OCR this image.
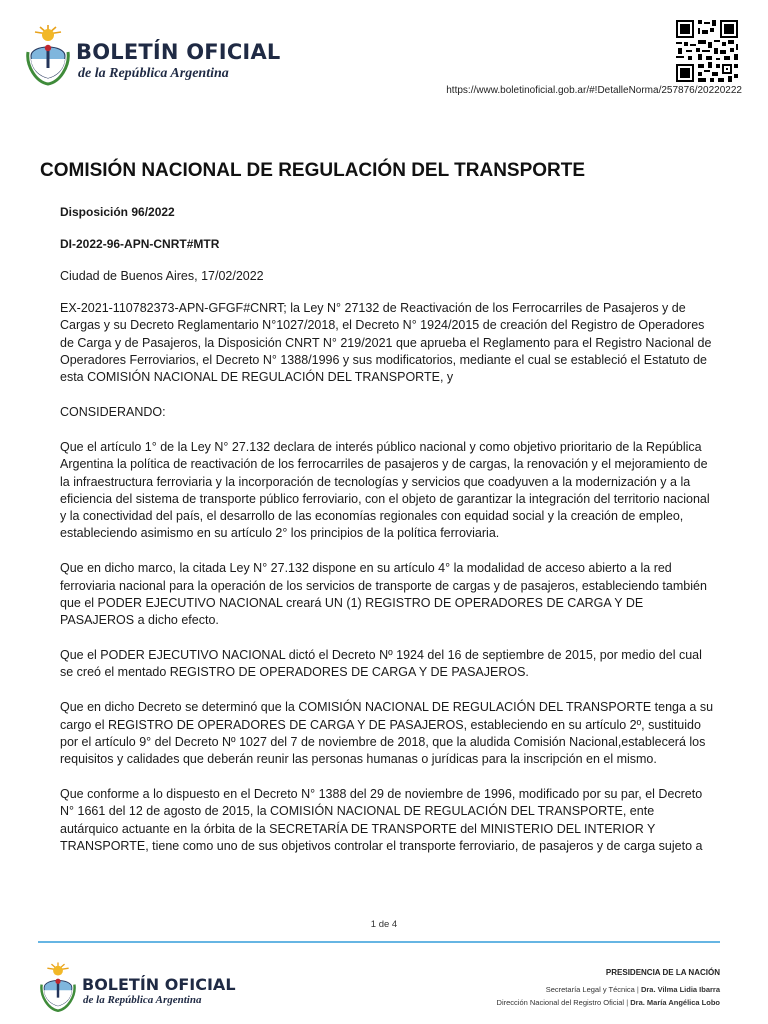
BOLETÍN OFICIAL
de la República Argentina
https://www.boletinoficial.gob.ar/#!DetalleNorma/257876/20220222
COMISIÓN NACIONAL DE REGULACIÓN DEL TRANSPORTE
Disposición 96/2022
DI-2022-96-APN-CNRT#MTR
Ciudad de Buenos Aires, 17/02/2022

EX-2021-110782373-APN-GFGF#CNRT; la Ley N° 27132 de Reactivación de los Ferrocarriles de Pasajeros y de Cargas y su Decreto Reglamentario N°1027/2018, el Decreto N° 1924/2015 de creación del Registro de Operadores de Carga y de Pasajeros, la Disposición CNRT N° 219/2021 que aprueba el Reglamento para el Registro Nacional de Operadores Ferroviarios, el Decreto N° 1388/1996 y sus modificatorios, mediante el cual se estableció el Estatuto de esta COMISIÓN NACIONAL DE REGULACIÓN DEL TRANSPORTE, y

CONSIDERANDO:

Que el artículo 1° de la Ley N° 27.132 declara de interés público nacional y como objetivo prioritario de la República Argentina la política de reactivación de los ferrocarriles de pasajeros y de cargas, la renovación y el mejoramiento de la infraestructura ferroviaria y la incorporación de tecnologías y servicios que coadyuven a la modernización y a la eficiencia del sistema de transporte público ferroviario, con el objeto de garantizar la integración del territorio nacional y la conectividad del país, el desarrollo de las economías regionales con equidad social y la creación de empleo, estableciendo asimismo en su artículo 2° los principios de la política ferroviaria.

Que en dicho marco, la citada Ley N° 27.132 dispone en su artículo 4° la modalidad de acceso abierto a la red ferroviaria nacional para la operación de los servicios de transporte de cargas y de pasajeros, estableciendo también que el PODER EJECUTIVO NACIONAL creará UN (1) REGISTRO DE OPERADORES DE CARGA Y DE PASAJEROS a dicho efecto.

Que el PODER EJECUTIVO NACIONAL dictó el Decreto Nº 1924 del 16 de septiembre de 2015, por medio del cual se creó el mentado REGISTRO DE OPERADORES DE CARGA Y DE PASAJEROS.

Que en dicho Decreto se determinó que la COMISIÓN NACIONAL DE REGULACIÓN DEL TRANSPORTE tenga a su cargo el REGISTRO DE OPERADORES DE CARGA Y DE PASAJEROS, estableciendo en su artículo 2º, sustituido por el artículo 9° del Decreto Nº 1027 del 7 de noviembre de 2018, que la aludida Comisión Nacional,establecerá los requisitos y calidades que deberán reunir las personas humanas o jurídicas para la inscripción en el mismo.

Que conforme a lo dispuesto en el Decreto N° 1388 del 29 de noviembre de 1996, modificado por su par, el Decreto N° 1661 del 12 de agosto de 2015, la COMISIÓN NACIONAL DE REGULACIÓN DEL TRANSPORTE, ente autárquico actuante en la órbita de la SECRETARÍA DE TRANSPORTE del MINISTERIO DEL INTERIOR Y TRANSPORTE, tiene como uno de sus objetivos controlar el transporte ferroviario, de pasajeros y de carga sujeto a

1 de 4
BOLETÍN OFICIAL
de la República Argentina
PRESIDENCIA DE LA NACIÓN
Secretaría Legal y Técnica | Dra. Vilma Lidia Ibarra
Dirección Nacional del Registro Oficial | Dra. María Angélica Lobo
